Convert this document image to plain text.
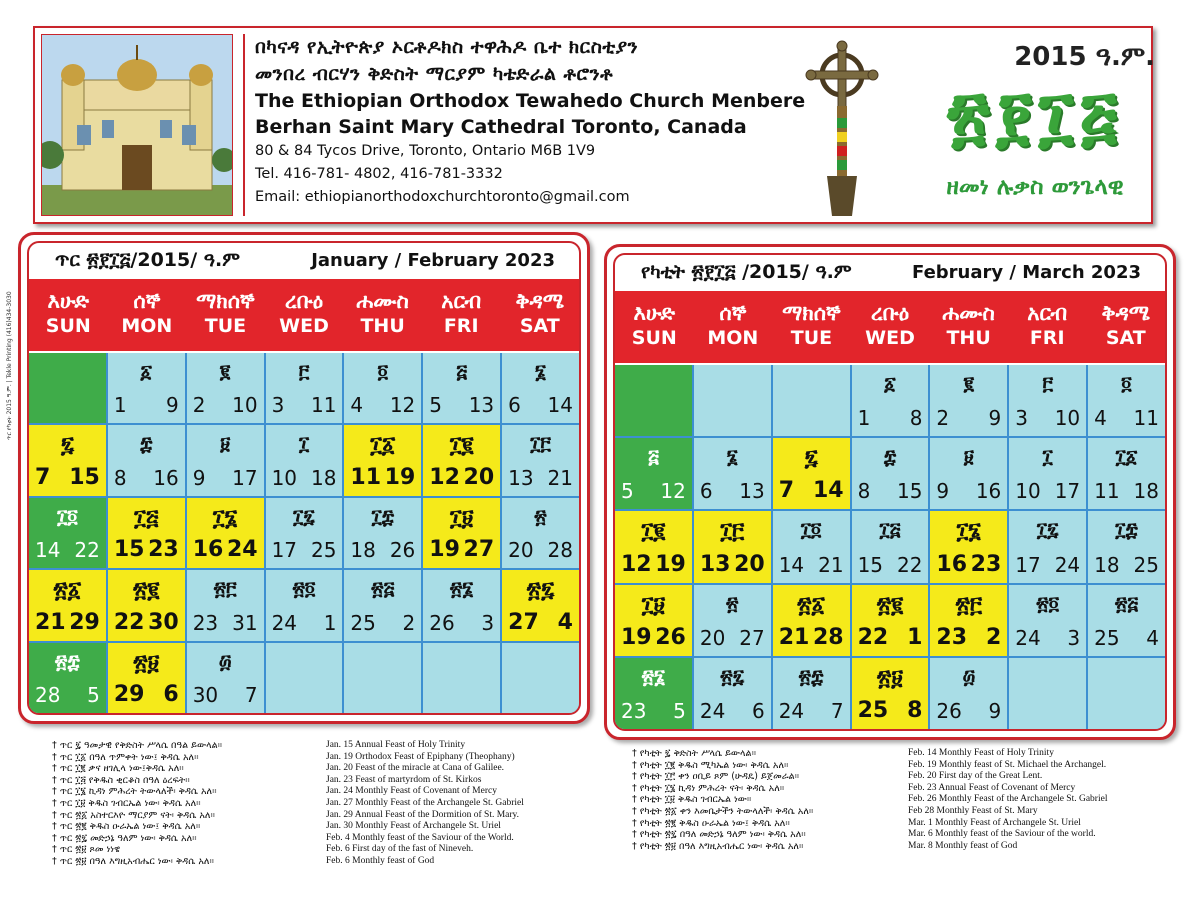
በካናዳ የኢትዮጵያ ኦርቶዶክስ ተዋሕዶ ቤተ ክርስቲያን
መንበረ ብርሃን ቅድስት ማርያም ካቴድራል ቶሮንቶ
The Ethiopian Orthodox Tewahedo Church Menbere
Berhan Saint Mary Cathedral Toronto, Canada
80 & 84 Tycos Drive, Toronto, Ontario M6B 1V9
Tel. 416-781- 4802, 416-781-3332
Email: ethiopianorthodoxchurchtoronto@gmail.com
2015 ዓ.ም.
፳፻፲፭
ዘመነ ሉቃስ ወንጌላዊ
ጥር የካቲት 2015 ዓ.ም. | Tekle Printing (416)434-3030
ጥር ፳፻፲፭/2015/ ዓ.ም	January / February 2023
እሁድ
SUN
ሰኞ
MON
ማክሰኞ
TUE
ረቡዕ
WED
ሐሙስ
THU
አርብ
FRI
ቅዳሜ
SAT
፩
1 9
፪
2 10
፫
3 11
፬
4 12
፭
5 13
፮
6 14
፯
7 15
፰
8 16
፱
9 17
፲
10 18
፲፩
11 19
፲፪
12 20
፲፫
13 21
፲፬
14 22
፲፭
15 23
፲፮
16 24
፲፯
17 25
፲፰
18 26
፲፱
19 27
፳
20 28
፳፩
21 29
፳፪
22 30
፳፫
23 31
፳፬
24 1
፳፭
25 2
፳፮
26 3
፳፯
27 4
፳፰
28 5
፳፱
29 6
፴
30 7
የካቲት ፳፻፲፭ /2015/ ዓ.ም	February / March 2023
እሁድ
SUN
ሰኞ
MON
ማክሰኞ
TUE
ረቡዕ
WED
ሐሙስ
THU
አርብ
FRI
ቅዳሜ
SAT
፩
1 8
፪
2 9
፫
3 10
፬
4 11
፭
5 12
፮
6 13
፯
7 14
፰
8 15
፱
9 16
፲
10 17
፲፩
11 18
፲፪
12 19
፲፫
13 20
፲፬
14 21
፲፭
15 22
፲፮
16 23
፲፯
17 24
፲፰
18 25
፲፱
19 26
፳
20 27
፳፩
21 28
፳፪
22 1
፳፫
23 2
፳፬
24 3
፳፭
25 4
፳፮
23 5
፳፯
24 6
፳፰
24 7
፳፱
25 8
፴
26 9
† ጥር ፯ ዓመታዊ የቅድስት ሥላሴ በዓል ይውላል።
† ጥር ፲፩ በዓለ ጥምቀት ነው፤ ቅዳሴ አለ።
† ጥር ፲፪ ቃና ዘገሊላ ነው፤ቅዳሴ አለ።
† ጥር ፲፭ የቅዱስ ቂርቆስ በዓለ ዕረፍት።
† ጥር ፲፮ ኪዳነ ምሕረት ትውላለች፡ ቅዳሴ አለ።
† ጥር ፲፱ ቅዱስ ገብርኤል ነው፡ ቅዳሴ አለ።
† ጥር ፳፩ አስተርእዮ ማርያም ናት፡ ቅዳሴ አለ።
† ጥር ፳፪ ቅዱስ ዑራኤል ነው፤ ቅዳሴ አለ።
† ጥር ፳፯ መድኃኔ ዓለም ነው፡ ቅዳሴ አለ።
† ጥር ፳፱ ጾመ ነነዌ
† ጥር ፳፱ በዓለ እግዚአብሔር ነው፡ ቅዳሴ አለ።
Jan. 15 Annual Feast of Holy Trinity
Jan. 19 Orthodox Feast of Epiphany (Theophany)
Jan. 20 Feast of the miracle at Cana of Galilee.
Jan. 23 Feast of martyrdom of St. Kirkos
Jan. 24 Monthly Feast of Covenant of Mercy
Jan. 27 Monthly Feast of the Archangele St. Gabriel
Jan. 29 Annual Feast of the Dormition of St. Mary.
Jan. 30 Monthly Feast of Archangele St. Uriel
Feb. 4 Monthly feast of the Saviour of the World.
Feb. 6 First day of the fast of Nineveh.
Feb. 6 Monthly feast of God
† የካቲት ፯ ቅድስት ሥላሴ ይውላል።
† የካቲት ፲፪ ቅዱስ ሚካኤል ነው፡ ቅዳሴ አለ።
† የካቲት ፲፫ ቀን ዐቢይ ጾም (ሁዳዴ) ይጀመራል።
† የካቲት ፲፮ ኪዳነ ምሕረት ናት፡ ቅዳሴ አለ።
† የካቲት ፲፱ ቅዱስ ገብርኤል ነው።
† የካቲት ፳፩ ቀን እመቤታችን ትውላለች፡ ቅዳሴ አለ።
† የካቲት ፳፪ ቅዱስ ዑራኤል ነው፤ ቅዳሴ አለ።
† የካቲት ፳፯ በዓለ መድኃኔ ዓለም ነው፡ ቅዳሴ አለ።
† የካቲት ፳፱ በዓለ እግዚአብሔር ነው፡ ቅዳሴ አለ።
Feb. 14 Monthly Feast of Holy Trinity
Feb. 19 Monthly feast of St. Michael the Archangel.
Feb. 20 First day of the Great Lent.
Feb. 23 Annual Feast of Covenant of Mercy
Feb. 26 Monthly Feast of the Archangele St. Gabriel
Feb 28 Monthly Feast of St. Mary
Mar. 1 Monthly Feast of Archangele St. Uriel
Mar. 6 Monthly feast of the Saviour of the world.
Mar. 8 Monthly feast of God
